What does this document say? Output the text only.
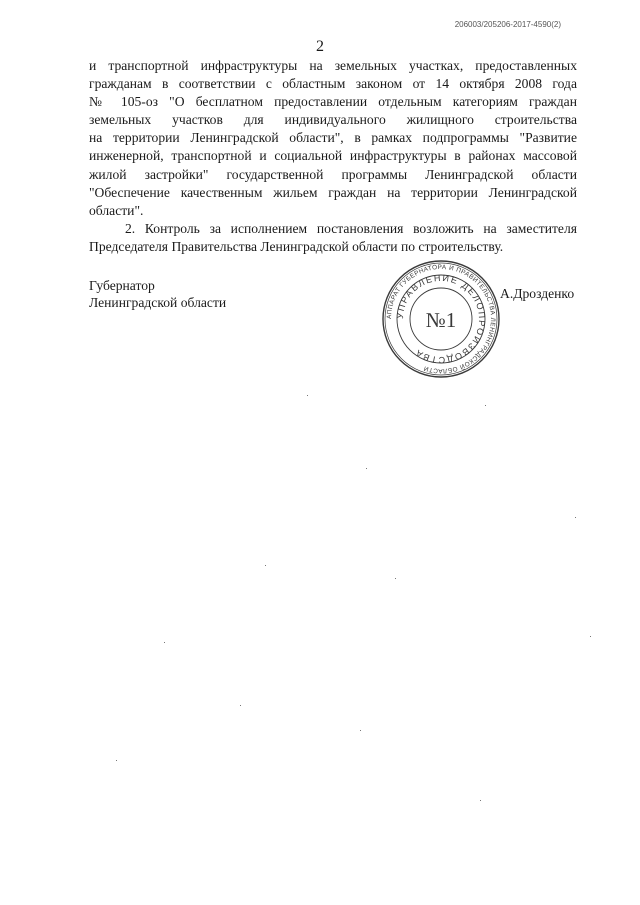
206003/205206-2017-4590(2)
2
и транспортной инфраструктуры на земельных участках, предоставленных
гражданам в соответствии с областным законом от 14 октября 2008 года
№ 105-оз "О бесплатном предоставлении отдельным категориям граждан
земельных участков для индивидуального жилищного строительства
на территории Ленинградской области", в рамках подпрограммы "Развитие
инженерной, транспортной и социальной инфраструктуры в районах массовой
жилой застройки" государственной программы Ленинградской области
"Обеспечение качественным жильем граждан на территории Ленинградской
области".
2. Контроль за исполнением постановления возложить на заместителя
Председателя Правительства Ленинградской области по строительству.
Губернатор
Ленинградской области
АППАРАТ ГУБЕРНАТОРА И ПРАВИТЕЛЬСТВА ЛЕНИНГРАДСКОЙ ОБЛАСТИ
УПРАВЛЕНИЕ ДЕЛОПРОИЗВОДСТВА
№1
А.Дрозденко
